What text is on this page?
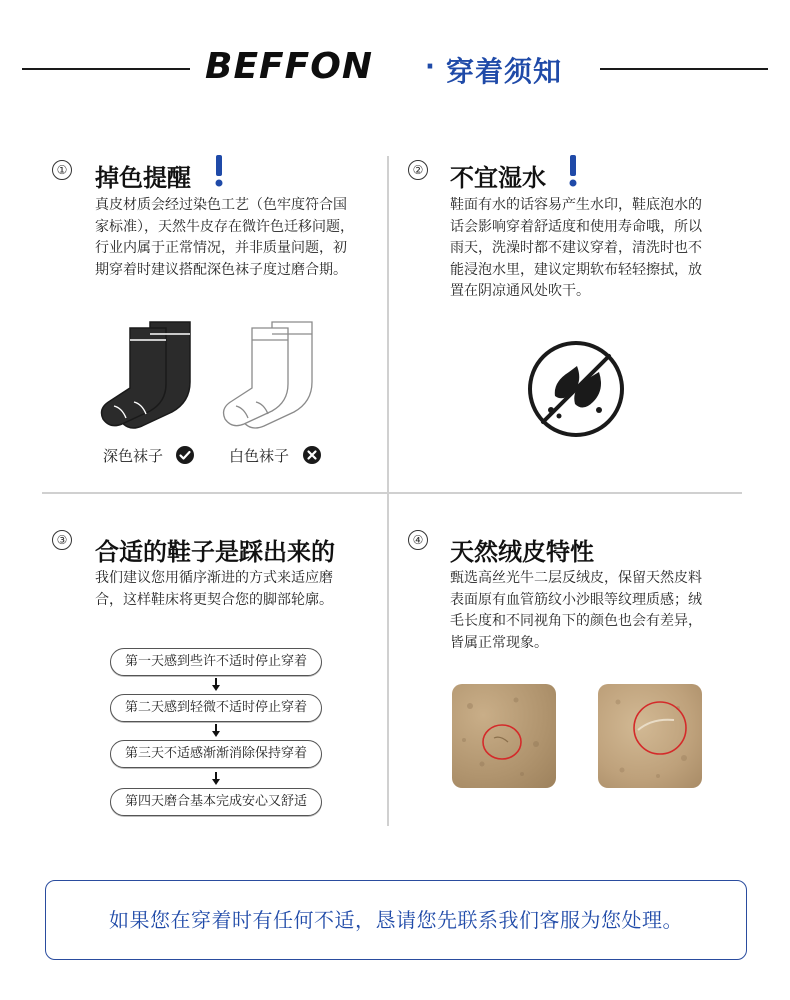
BEFFON · 穿着须知
① 掉色提醒
真皮材质会经过染色工艺（色牢度符合国家标准），天然牛皮存在微许色迁移问题，行业内属于正常情况，并非质量问题，初期穿着时建议搭配深色袜子度过磨合期。
深色袜子	白色袜子
② 不宜湿水
鞋面有水的话容易产生水印，鞋底泡水的话会影响穿着舒适度和使用寿命哦，所以雨天，洗澡时都不建议穿着，清洗时也不能浸泡水里，建议定期软布轻轻擦拭，放置在阴凉通风处吹干。
③ 合适的鞋子是踩出来的
我们建议您用循序渐进的方式来适应磨合，这样鞋床将更契合您的脚部轮廓。
第一天感到些许不适时停止穿着
第二天感到轻微不适时停止穿着
第三天不适感渐渐消除保持穿着
第四天磨合基本完成安心又舒适
④ 天然绒皮特性
甄选高丝光牛二层反绒皮，保留天然皮料表面原有血管筋纹小沙眼等纹理质感；绒毛长度和不同视角下的颜色也会有差异，皆属正常现象。
如果您在穿着时有任何不适，恳请您先联系我们客服为您处理。
